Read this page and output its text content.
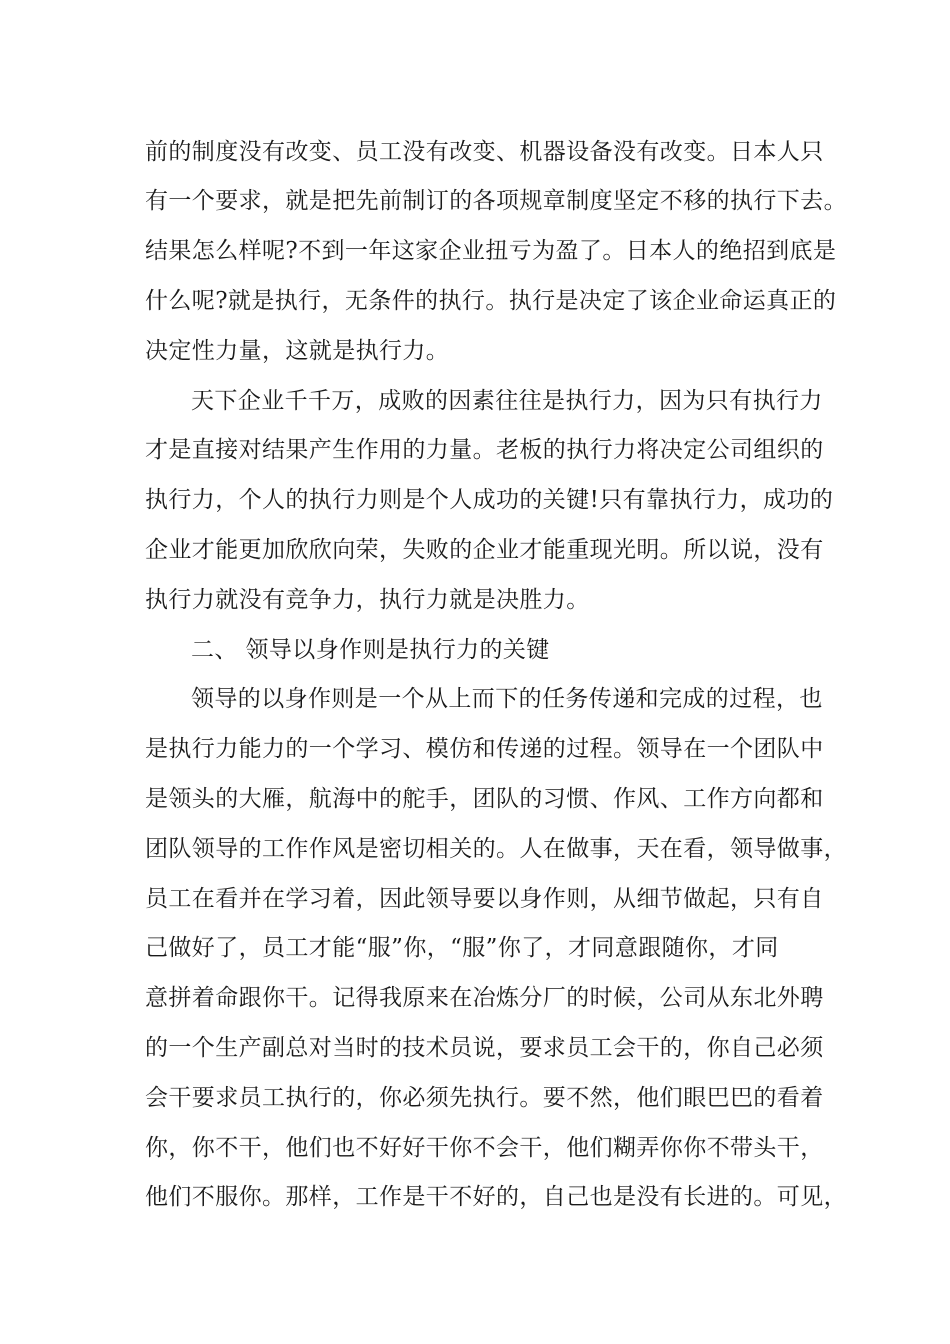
前的制度没有改变、员工没有改变、机器设备没有改变。日本人只

有一个要求，就是把先前制订的各项规章制度坚定不移的执行下去。

结果怎么样呢?不到一年这家企业扭亏为盈了。日本人的绝招到底是

什么呢?就是执行，无条件的执行。执行是决定了该企业命运真正的

决定性力量，这就是执行力。

天下企业千千万，成败的因素往往是执行力，因为只有执行力

才是直接对结果产生作用的力量。老板的执行力将决定公司组织的

执行力，个人的执行力则是个人成功的关键!只有靠执行力，成功的

企业才能更加欣欣向荣，失败的企业才能重现光明。所以说，没有

执行力就没有竞争力，执行力就是决胜力。

二、 领导以身作则是执行力的关键

领导的以身作则是一个从上而下的任务传递和完成的过程，也

是执行力能力的一个学习、模仿和传递的过程。领导在一个团队中

是领头的大雁，航海中的舵手，团队的习惯、作风、工作方向都和

团队领导的工作作风是密切相关的。人在做事，天在看，领导做事，

员工在看并在学习着，因此领导要以身作则，从细节做起，只有自

己做好了，员工才能“服”你，“服”你了，才同意跟随你，才同

意拼着命跟你干。记得我原来在冶炼分厂的时候，公司从东北外聘

的一个生产副总对当时的技术员说，要求员工会干的，你自己必须

会干要求员工执行的，你必须先执行。要不然，他们眼巴巴的看着

你，你不干，他们也不好好干你不会干，他们糊弄你你不带头干，

他们不服你。那样，工作是干不好的，自己也是没有长进的。可见，
